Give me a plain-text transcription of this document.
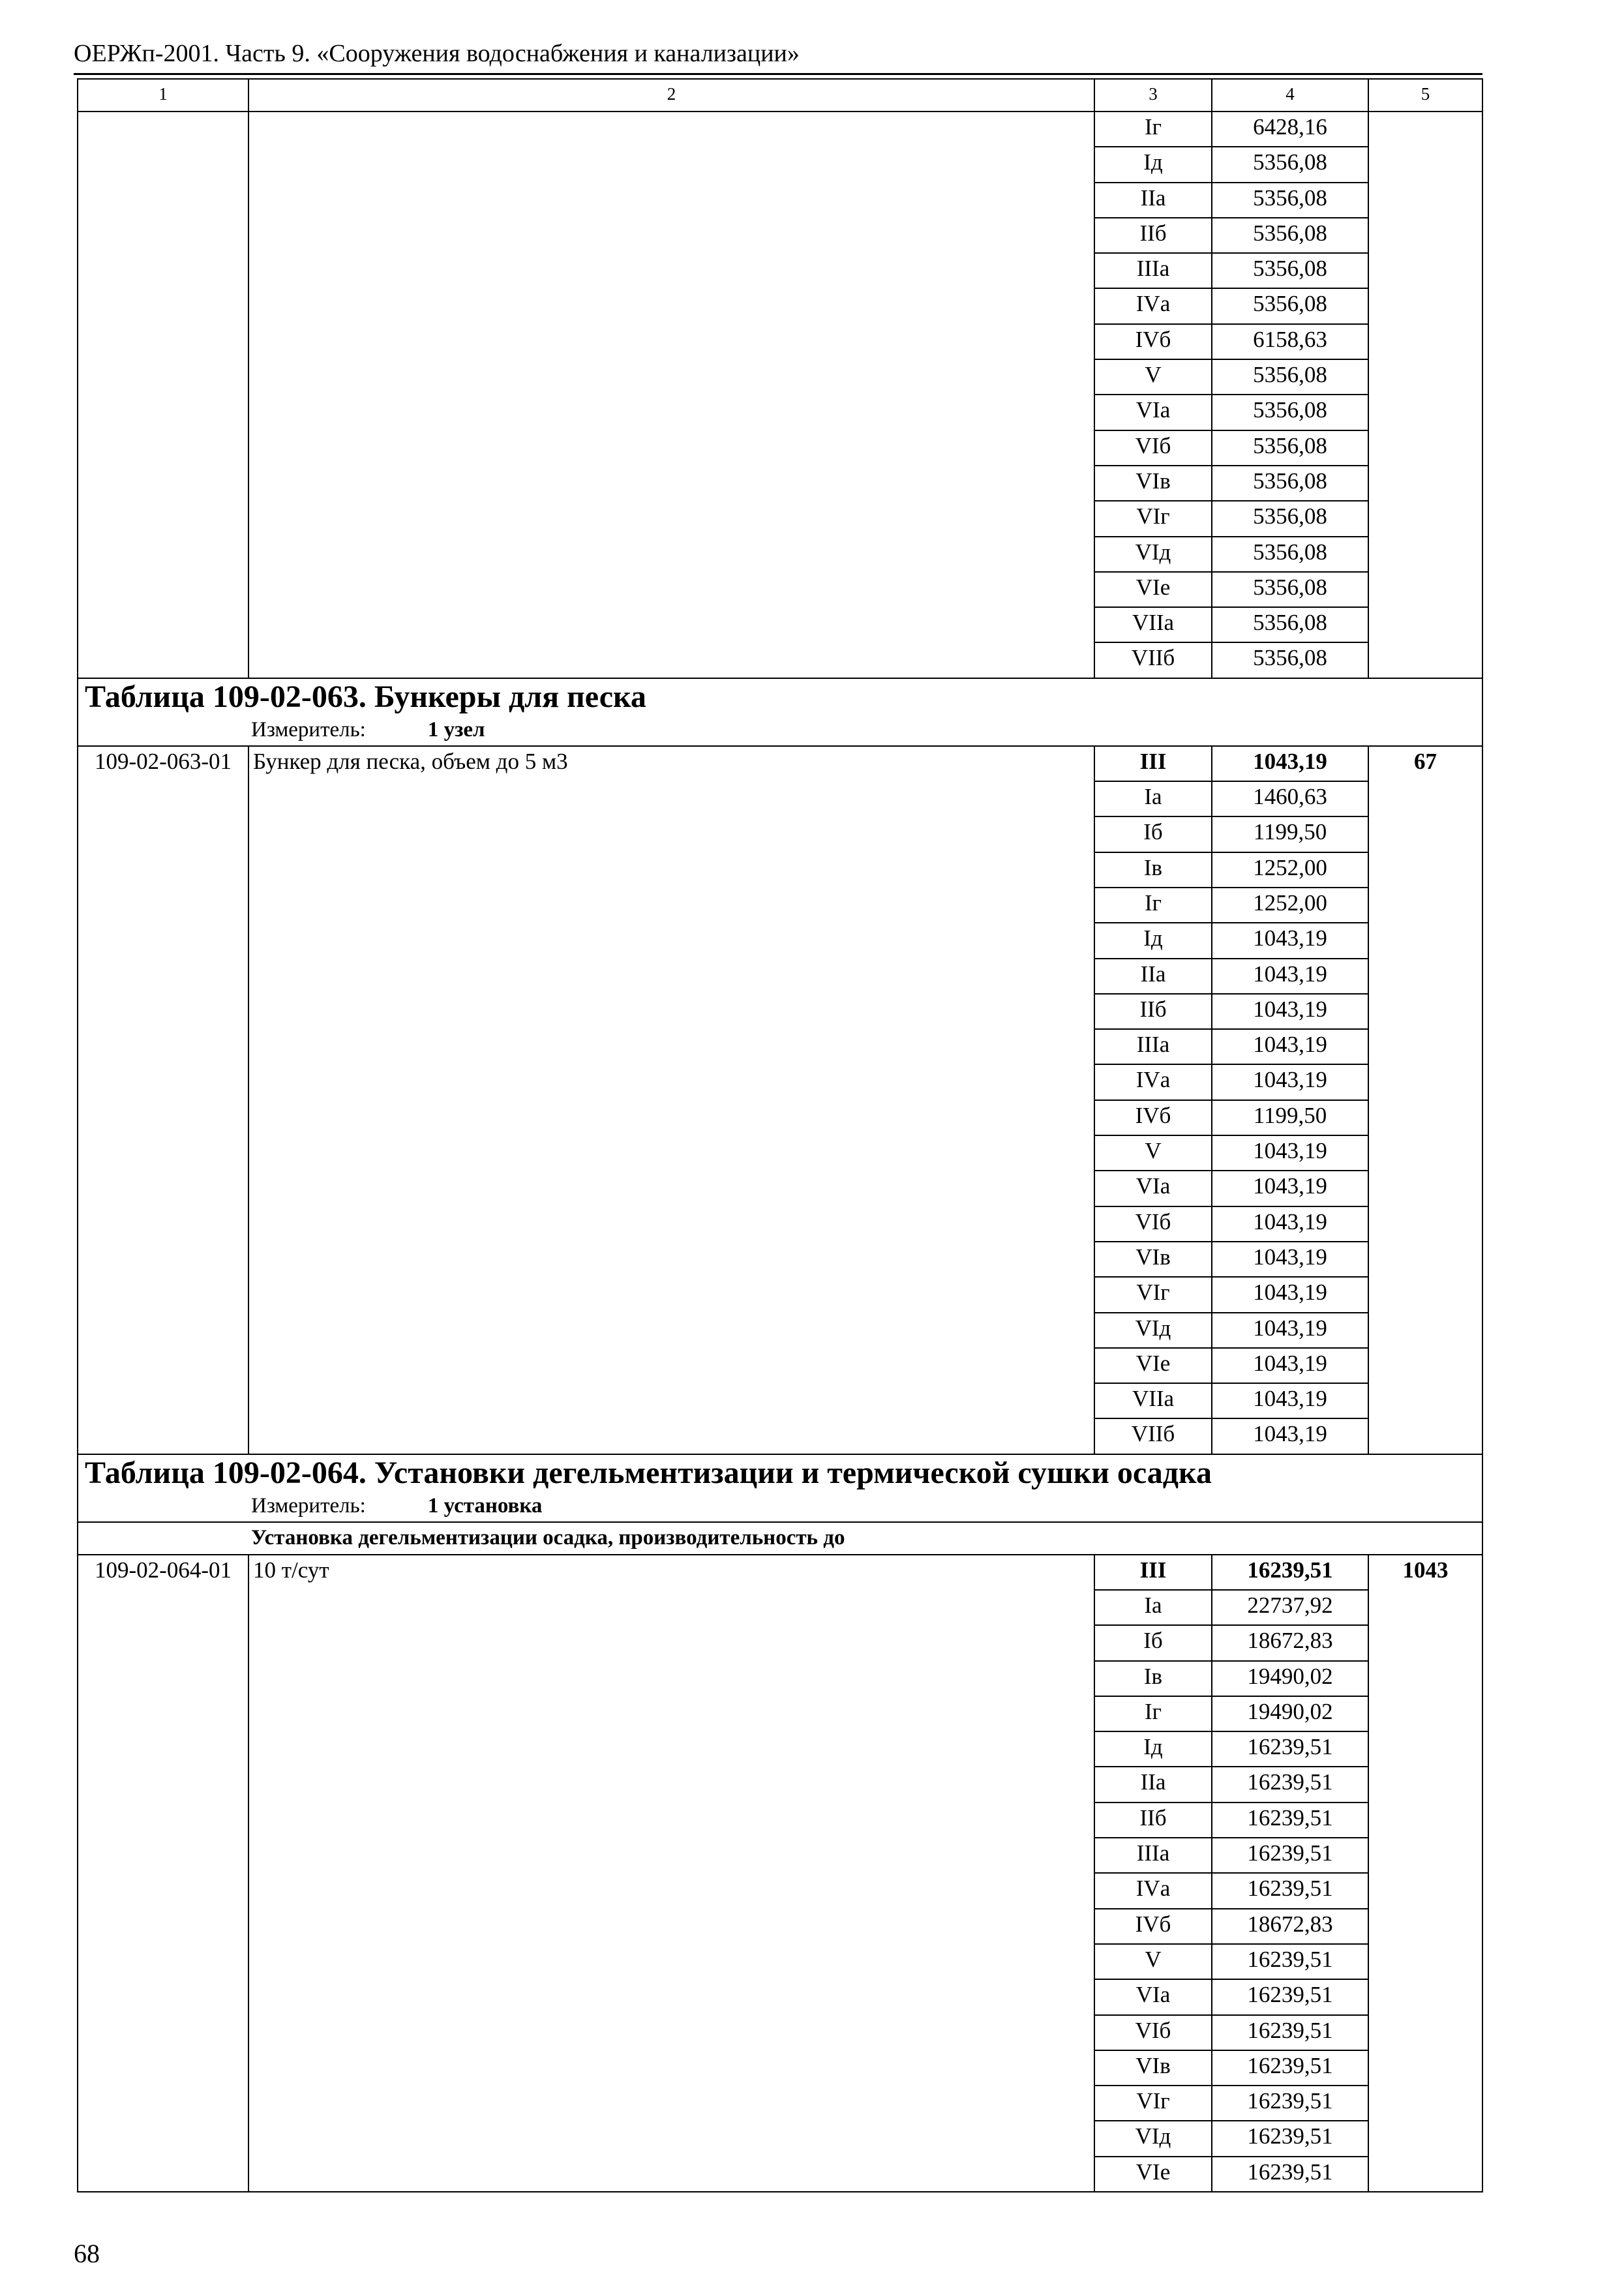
ОЕРЖп-2001. Часть 9. «Сооружения водоснабжения и канализации»
1	2	3	4	5
		Iг	6428,16	
		Iд	5356,08	
		IIа	5356,08	
		IIб	5356,08	
		IIIа	5356,08	
		IVа	5356,08	
		IVб	6158,63	
		V	5356,08	
		VIа	5356,08	
		VIб	5356,08	
		VIв	5356,08	
		VIг	5356,08	
		VIд	5356,08	
		VIе	5356,08	
		VIIа	5356,08	
		VIIб	5356,08	
Таблица 109-02-063. Бункеры для песка				
Измеритель: 1 узел				
109-02-063-01	Бункер для песка, объем до 5 м3	III	1043,19	67
		Iа	1460,63	
		Iб	1199,50	
		Iв	1252,00	
		Iг	1252,00	
		Iд	1043,19	
		IIа	1043,19	
		IIб	1043,19	
		IIIа	1043,19	
		IVа	1043,19	
		IVб	1199,50	
		V	1043,19	
		VIа	1043,19	
		VIб	1043,19	
		VIв	1043,19	
		VIг	1043,19	
		VIд	1043,19	
		VIе	1043,19	
		VIIа	1043,19	
		VIIб	1043,19	
Таблица 109-02-064. Установки дегельментизации и термической сушки осадка				
Измеритель: 1 установка				
Установка дегельментизации осадка, производительность до				
109-02-064-01	10 т/сут	III	16239,51	1043
		Iа	22737,92	
		Iб	18672,83	
		Iв	19490,02	
		Iг	19490,02	
		Iд	16239,51	
		IIа	16239,51	
		IIб	16239,51	
		IIIа	16239,51	
		IVа	16239,51	
		IVб	18672,83	
		V	16239,51	
		VIа	16239,51	
		VIб	16239,51	
		VIв	16239,51	
		VIг	16239,51	
		VIд	16239,51	
		VIе	16239,51	
68
